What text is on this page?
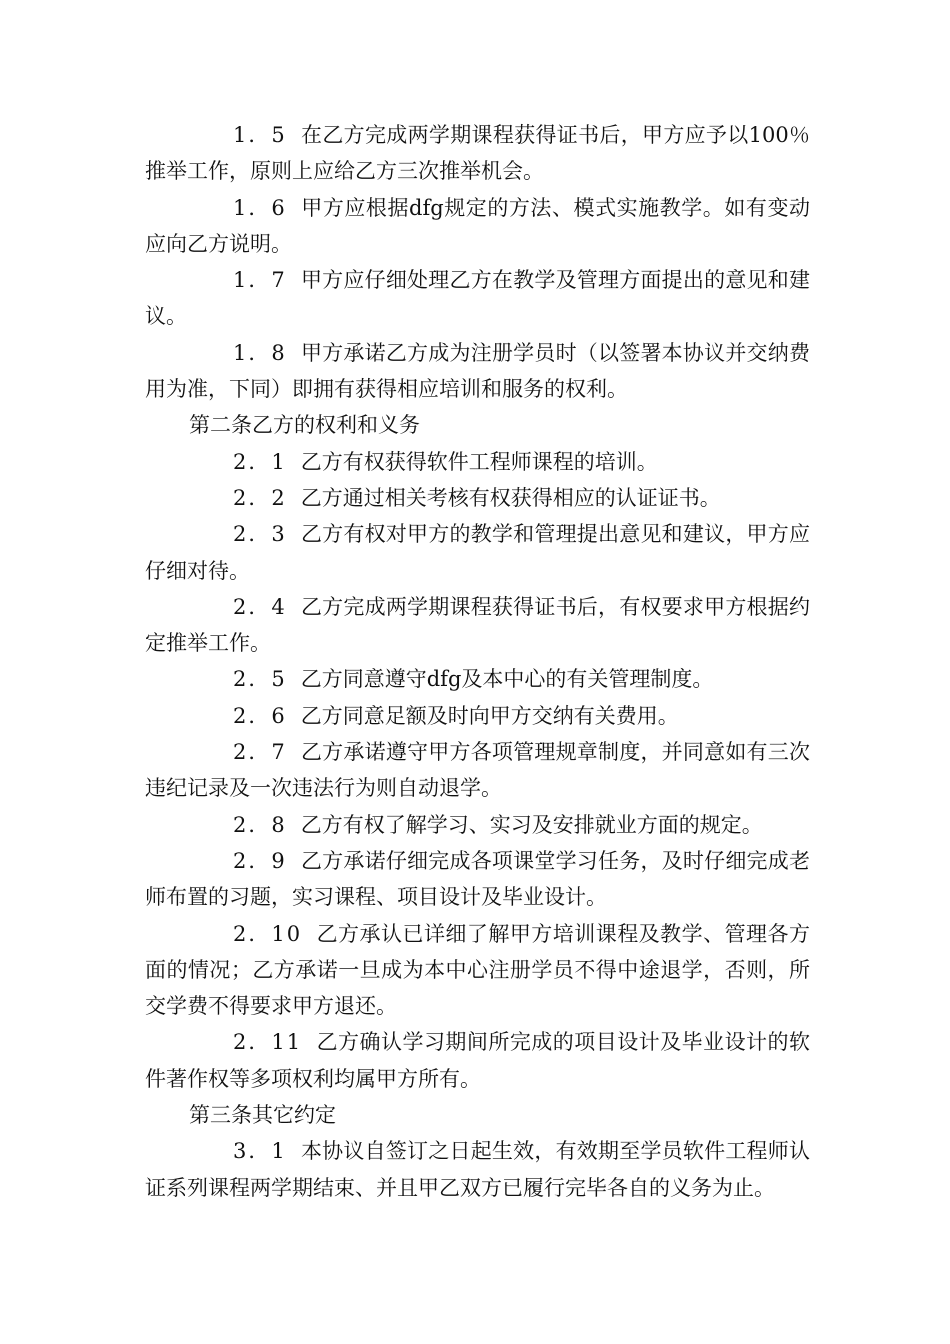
1．5 在乙方完成两学期课程获得证书后，甲方应予以100％推举工作，原则上应给乙方三次推举机会。

1．6 甲方应根据dfg规定的方法、模式实施教学。如有变动应向乙方说明。

1．7 甲方应仔细处理乙方在教学及管理方面提出的意见和建议。

1．8 甲方承诺乙方成为注册学员时（以签署本协议并交纳费用为准，下同）即拥有获得相应培训和服务的权利。

第二条乙方的权利和义务

2．1 乙方有权获得软件工程师课程的培训。

2．2 乙方通过相关考核有权获得相应的认证证书。

2．3 乙方有权对甲方的教学和管理提出意见和建议，甲方应仔细对待。

2．4 乙方完成两学期课程获得证书后，有权要求甲方根据约定推举工作。

2．5 乙方同意遵守dfg及本中心的有关管理制度。

2．6 乙方同意足额及时向甲方交纳有关费用。

2．7 乙方承诺遵守甲方各项管理规章制度，并同意如有三次违纪记录及一次违法行为则自动退学。

2．8 乙方有权了解学习、实习及安排就业方面的规定。

2．9 乙方承诺仔细完成各项课堂学习任务，及时仔细完成老师布置的习题，实习课程、项目设计及毕业设计。

2．10 乙方承认已详细了解甲方培训课程及教学、管理各方面的情况；乙方承诺一旦成为本中心注册学员不得中途退学，否则，所交学费不得要求甲方退还。

2．11 乙方确认学习期间所完成的项目设计及毕业设计的软件著作权等多项权利均属甲方所有。

第三条其它约定

3．1 本协议自签订之日起生效，有效期至学员软件工程师认证系列课程两学期结束、并且甲乙双方已履行完毕各自的义务为止。
